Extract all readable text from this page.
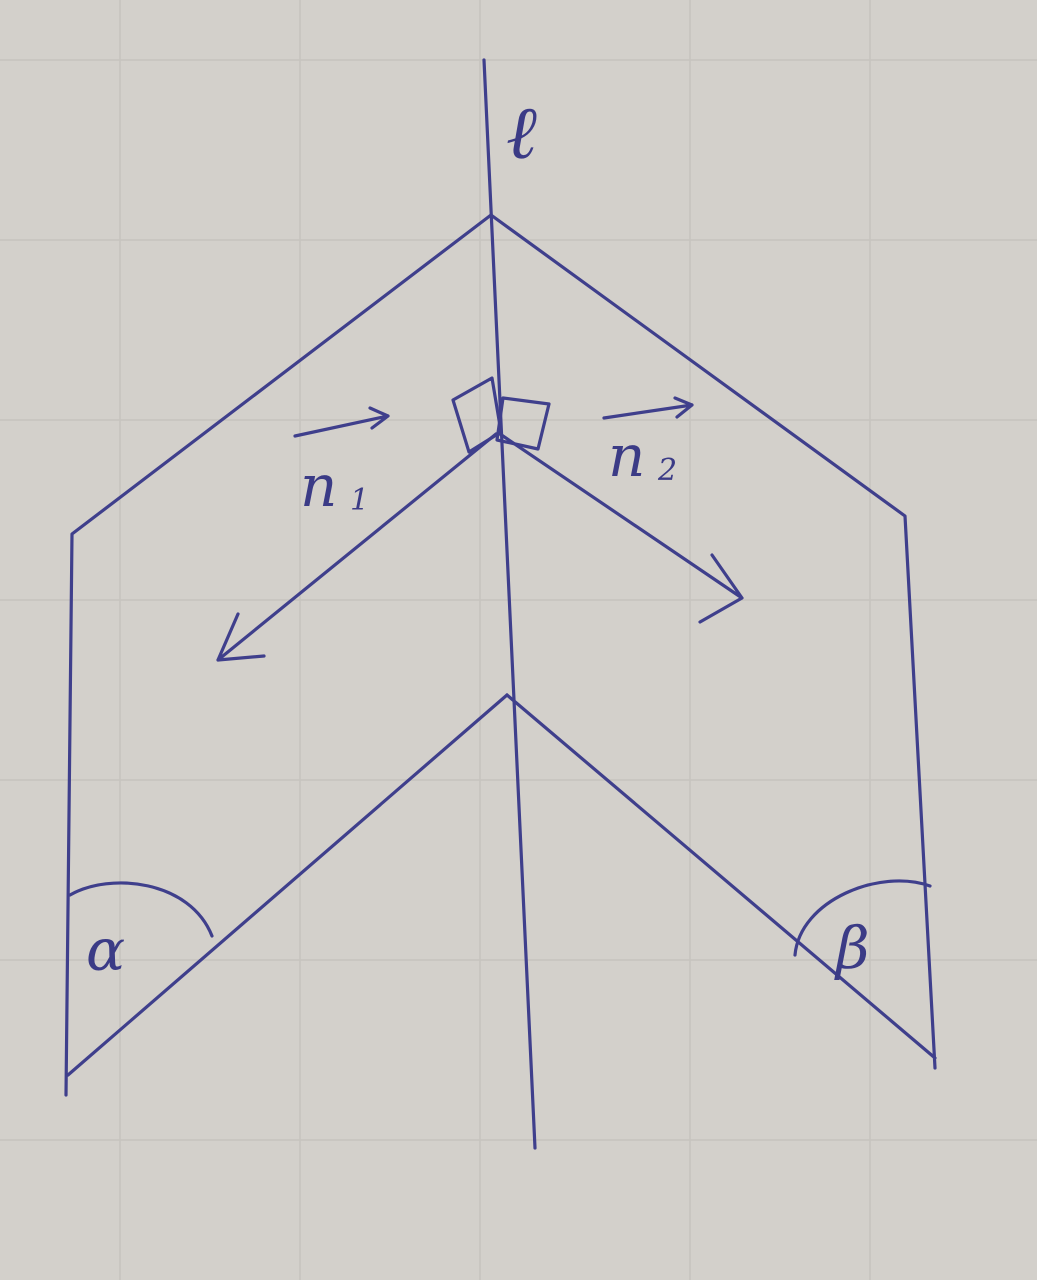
ℓ
n 1
n 2
α	β
